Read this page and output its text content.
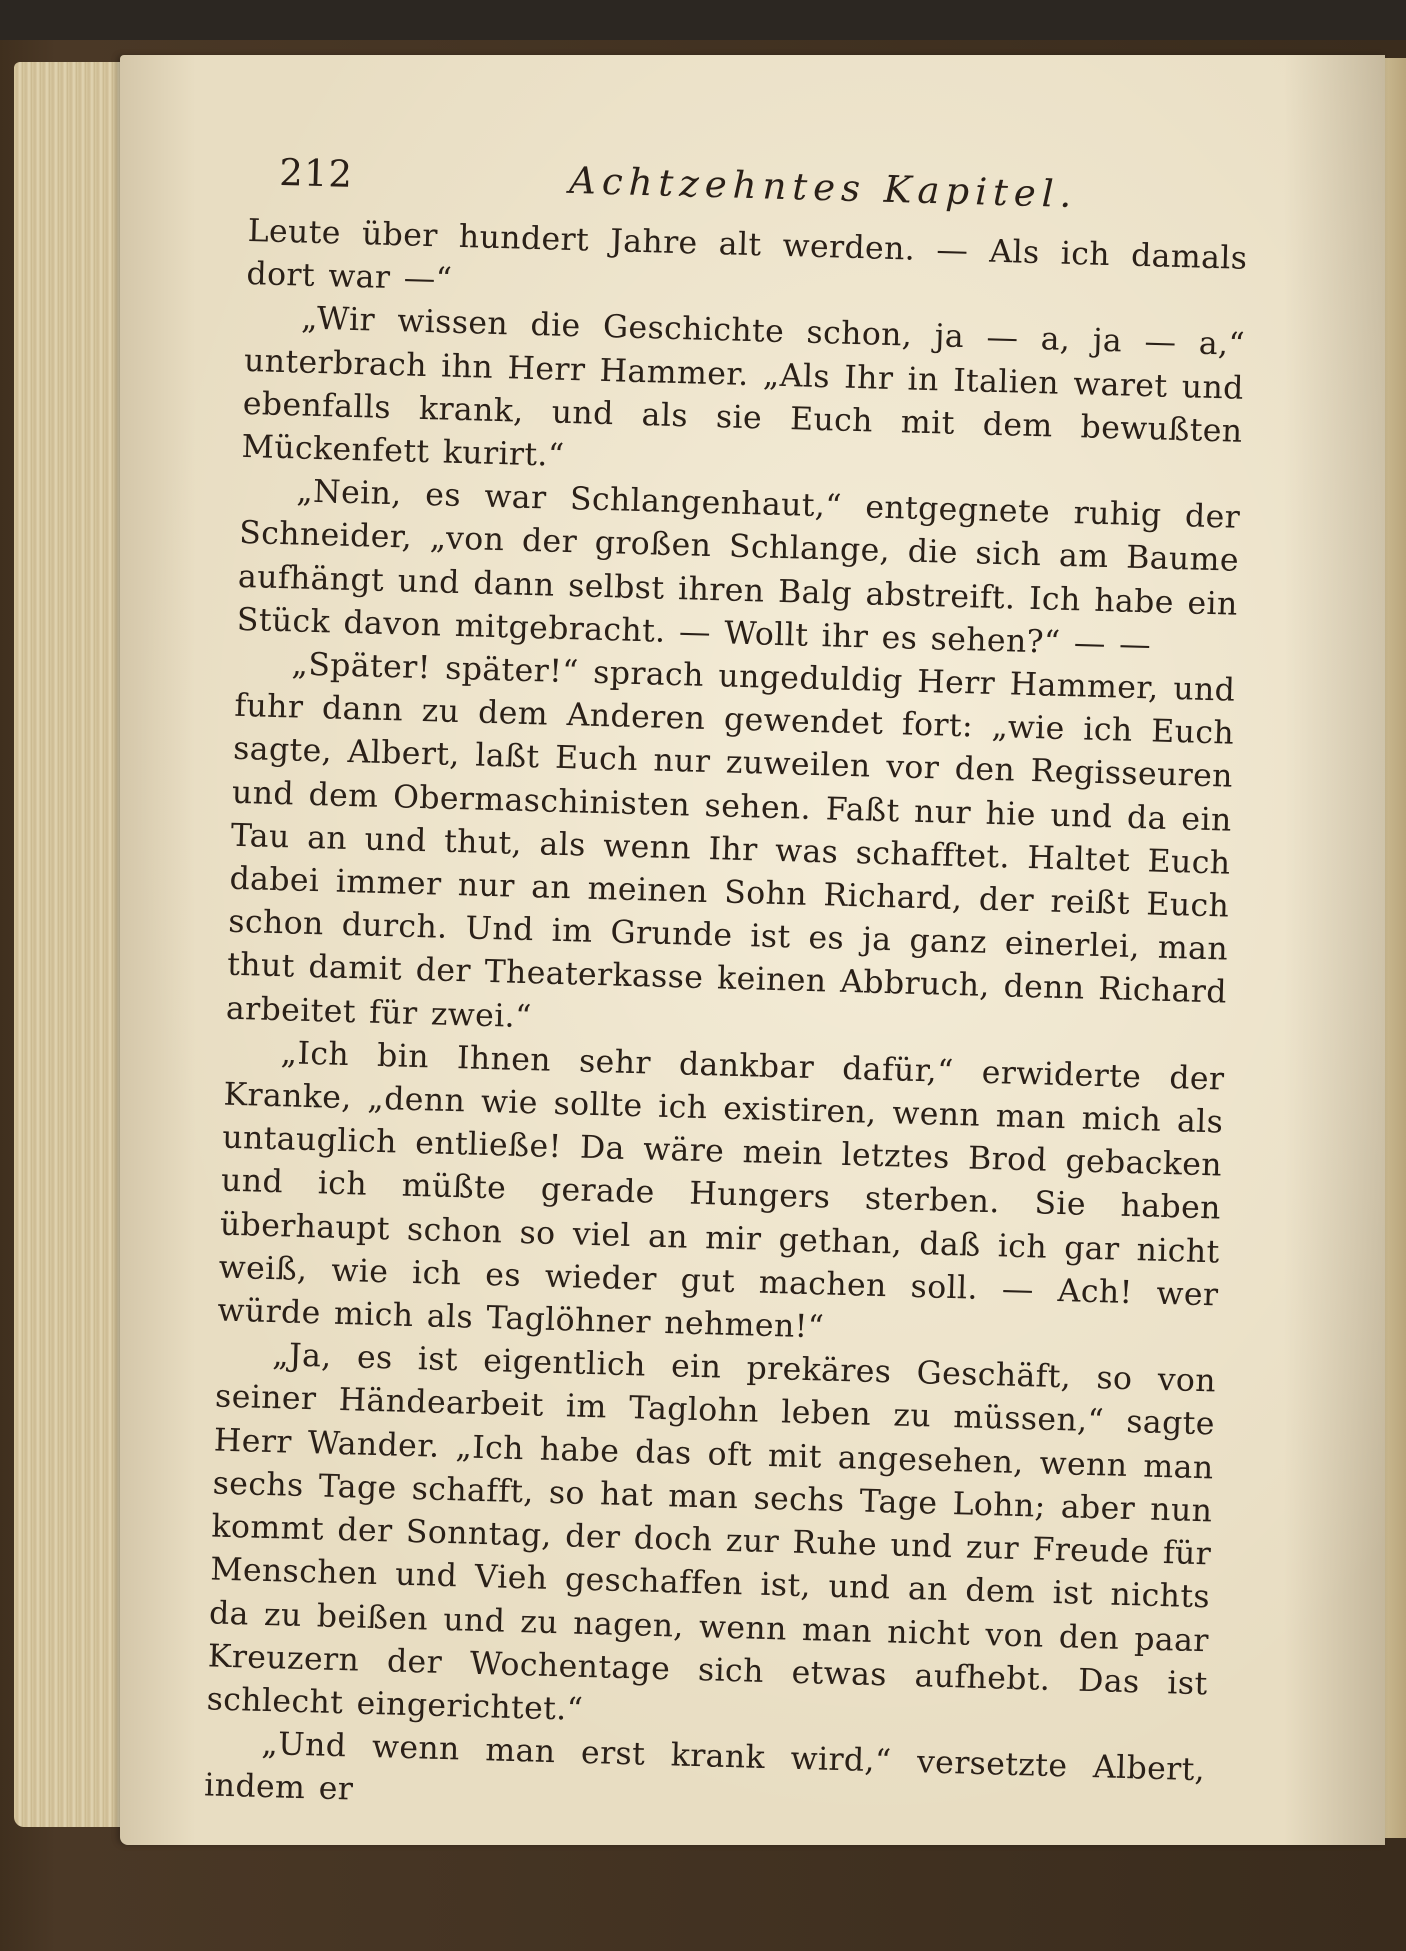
212	Achtzehntes Kapitel.

Leute über hundert Jahre alt werden. — Als ich damals dort war —“

„Wir wissen die Geschichte schon, ja — a, ja — a,“ unterbrach ihn Herr Hammer. „Als Ihr in Italien waret und ebenfalls krank, und als sie Euch mit dem bewußten Mückenfett kurirt.“

„Nein, es war Schlangenhaut,“ entgegnete ruhig der Schneider, „von der großen Schlange, die sich am Baume aufhängt und dann selbst ihren Balg abstreift. Ich habe ein Stück davon mitgebracht. — Wollt ihr es sehen?“ — —

„Später! später!“ sprach ungeduldig Herr Hammer, und fuhr dann zu dem Anderen gewendet fort: „wie ich Euch sagte, Albert, laßt Euch nur zuweilen vor den Regisseuren und dem Obermaschinisten sehen. Faßt nur hie und da ein Tau an und thut, als wenn Ihr was schafftet. Haltet Euch dabei immer nur an meinen Sohn Richard, der reißt Euch schon durch. Und im Grunde ist es ja ganz einerlei, man thut damit der Theaterkasse keinen Abbruch, denn Richard arbeitet für zwei.“

„Ich bin Ihnen sehr dankbar dafür,“ erwiderte der Kranke, „denn wie sollte ich existiren, wenn man mich als untauglich entließe! Da wäre mein letztes Brod gebacken und ich müßte gerade Hungers sterben. Sie haben überhaupt schon so viel an mir gethan, daß ich gar nicht weiß, wie ich es wieder gut machen soll. — Ach! wer würde mich als Taglöhner nehmen!“

„Ja, es ist eigentlich ein prekäres Geschäft, so von seiner Händearbeit im Taglohn leben zu müssen,“ sagte Herr Wander. „Ich habe das oft mit angesehen, wenn man sechs Tage schafft, so hat man sechs Tage Lohn; aber nun kommt der Sonntag, der doch zur Ruhe und zur Freude für Menschen und Vieh geschaffen ist, und an dem ist nichts da zu beißen und zu nagen, wenn man nicht von den paar Kreuzern der Wochentage sich etwas aufhebt. Das ist schlecht eingerichtet.“

„Und wenn man erst krank wird,“ versetzte Albert, indem er
